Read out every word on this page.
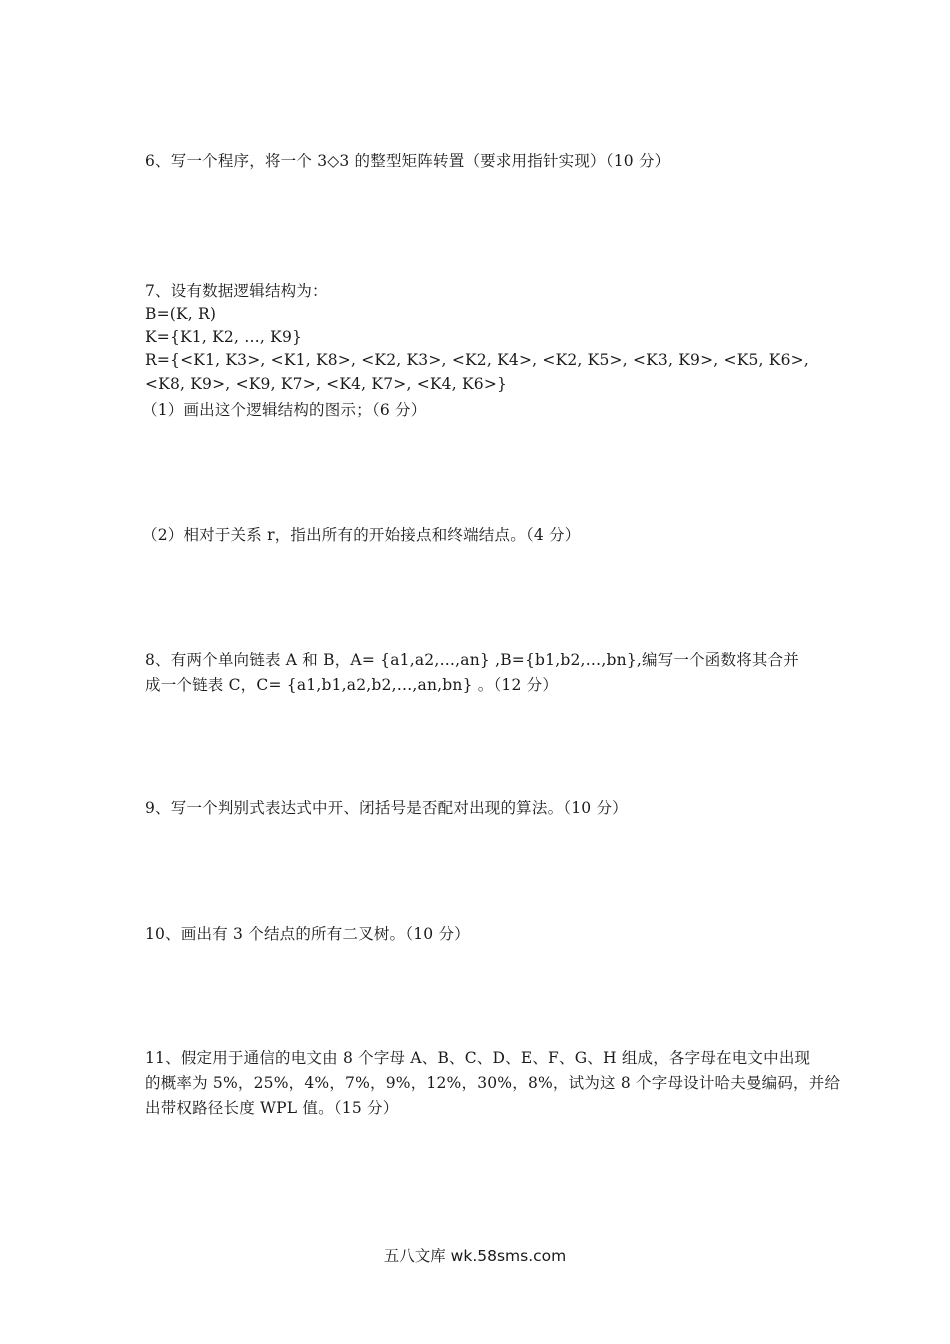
6、写一个程序，将一个 3◇3 的整型矩阵转置（要求用指针实现）（10 分）
7、设有数据逻辑结构为：
B=(K, R)
K={K1, K2, …, K9}
R={<K1, K3>, <K1, K8>, <K2, K3>, <K2, K4>, <K2, K5>, <K3, K9>, <K5, K6>,
<K8, K9>, <K9, K7>, <K4, K7>, <K4, K6>}
（1）画出这个逻辑结构的图示；（6 分）
（2）相对于关系 r，指出所有的开始接点和终端结点。（4 分）
8、有两个单向链表 A 和 B，A= {a1,a2,…,an} ,B={b1,b2,…,bn},编写一个函数将其合并
成一个链表 C，C= {a1,b1,a2,b2,…,an,bn} 。（12 分）
9、写一个判别式表达式中开、闭括号是否配对出现的算法。（10 分）
10、画出有 3 个结点的所有二叉树。（10 分）
11、假定用于通信的电文由 8 个字母 A、B、C、D、E、F、G、H 组成，各字母在电文中出现
的概率为 5%，25%，4%，7%，9%，12%，30%，8%，试为这 8 个字母设计哈夫曼编码，并给
出带权路径长度 WPL 值。（15 分）
五八文库 wk.58sms.com
